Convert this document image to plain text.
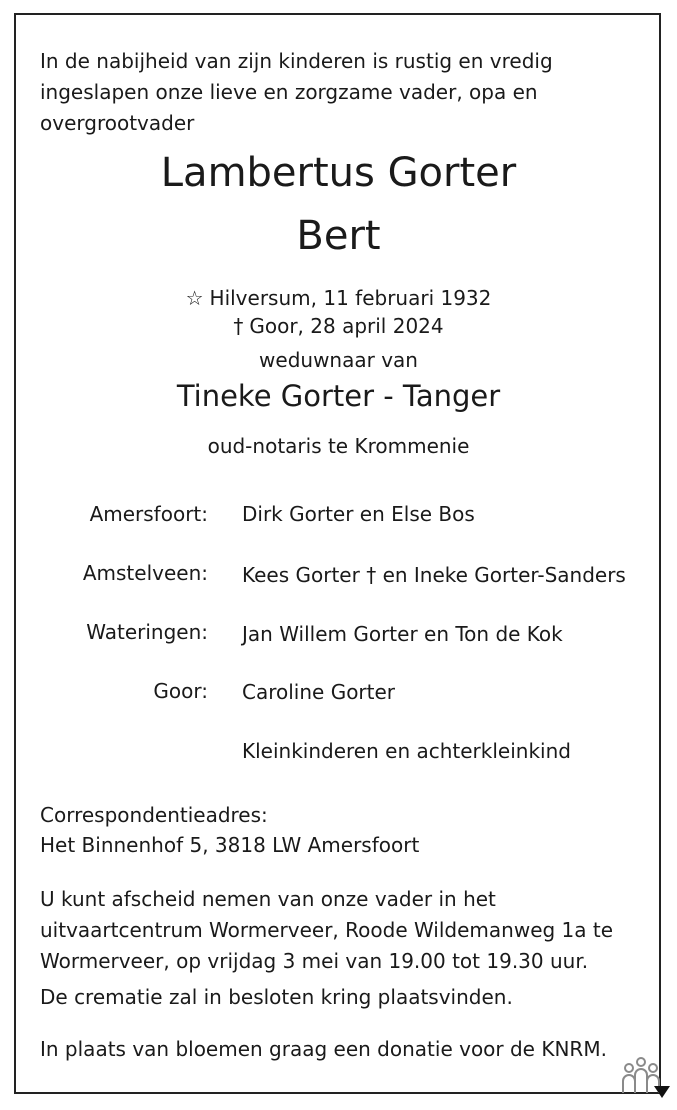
In de nabijheid van zijn kinderen is rustig en vredig ingeslapen onze lieve en zorgzame vader, opa en overgrootvader
Lambertus Gorter
Bert
☆ Hilversum, 11 februari 1932
† Goor, 28 april 2024
weduwnaar van
Tineke Gorter - Tanger
oud-notaris te Krommenie
Amersfoort: Dirk Gorter en Else Bos
Amstelveen: Kees Gorter † en Ineke Gorter-Sanders
Wateringen: Jan Willem Gorter en Ton de Kok
Goor: Caroline Gorter
Kleinkinderen en achterkleinkind
Correspondentieadres:
Het Binnenhof 5, 3818 LW Amersfoort
U kunt afscheid nemen van onze vader in het uitvaartcentrum Wormerveer, Roode Wildemanweg 1a te Wormerveer, op vrijdag 3 mei van 19.00 tot 19.30 uur.
De crematie zal in besloten kring plaatsvinden.
In plaats van bloemen graag een donatie voor de KNRM.
